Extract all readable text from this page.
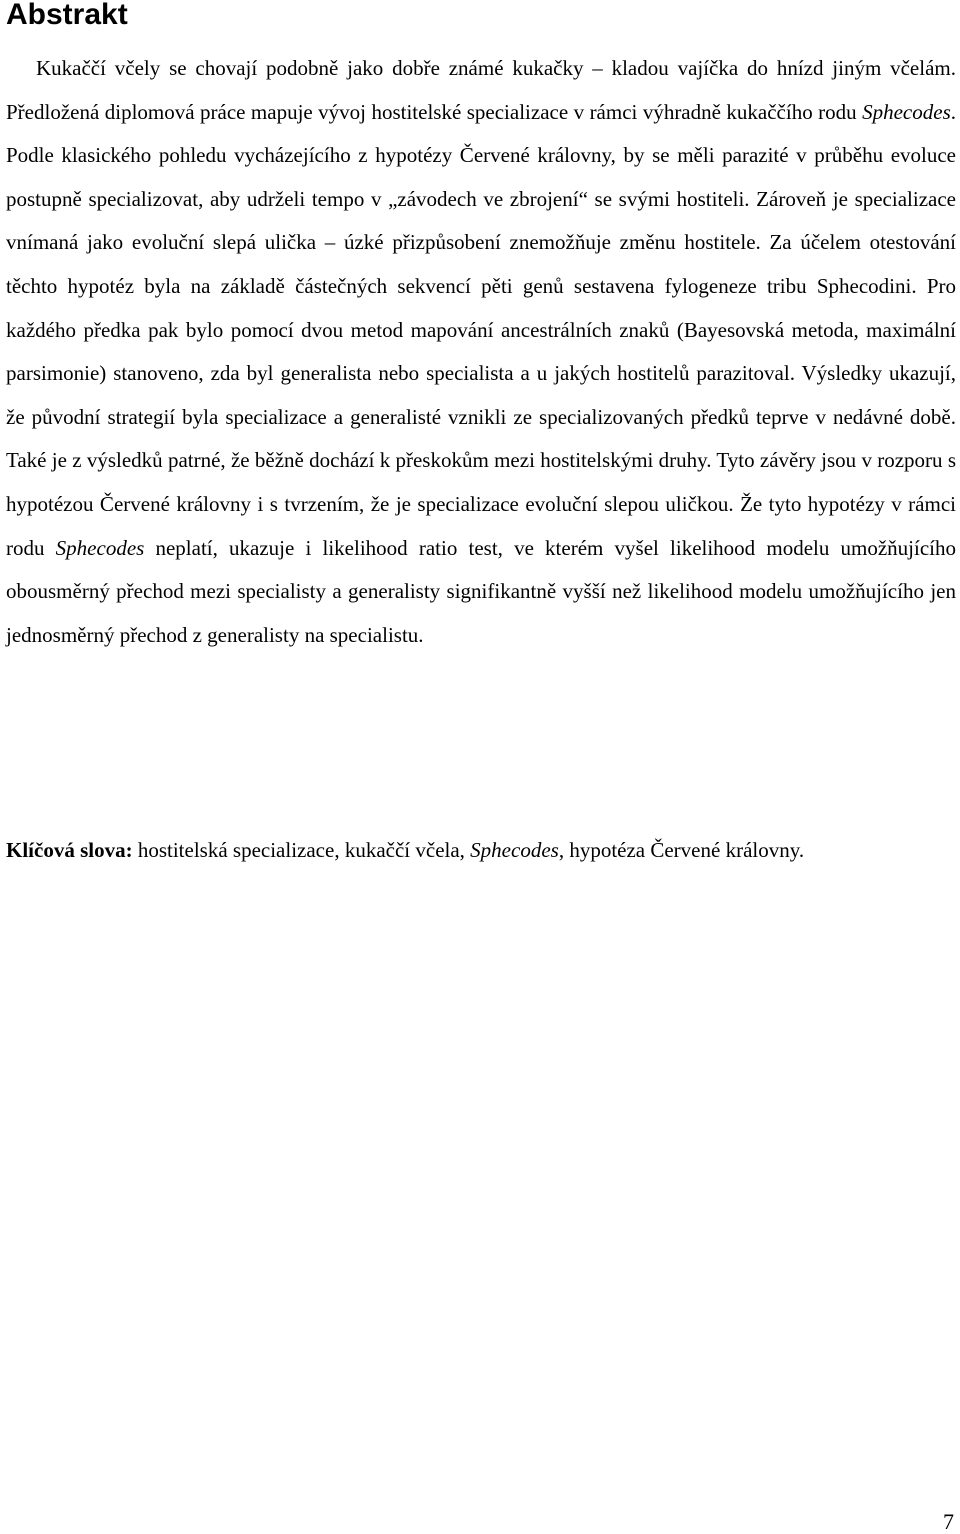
Abstrakt

Kukaččí včely se chovají podobně jako dobře známé kukačky – kladou vajíčka do hnízd jiným včelám. Předložená diplomová práce mapuje vývoj hostitelské specializace v rámci výhradně kukaččího rodu Sphecodes. Podle klasického pohledu vycházejícího z hypotézy Červené královny, by se měli parazité v průběhu evoluce postupně specializovat, aby udrželi tempo v „závodech ve zbrojení“ se svými hostiteli. Zároveň je specializace vnímaná jako evoluční slepá ulička – úzké přizpůsobení znemožňuje změnu hostitele. Za účelem otestování těchto hypotéz byla na základě částečných sekvencí pěti genů sestavena fylogeneze tribu Sphecodini. Pro každého předka pak bylo pomocí dvou metod mapování ancestrálních znaků (Bayesovská metoda, maximální parsimonie) stanoveno, zda byl generalista nebo specialista a u jakých hostitelů parazitoval. Výsledky ukazují, že původní strategií byla specializace a generalisté vznikli ze specializovaných předků teprve v nedávné době. Také je z výsledků patrné, že běžně dochází k přeskokům mezi hostitelskými druhy. Tyto závěry jsou v rozporu s hypotézou Červené královny i s tvrzením, že je specializace evoluční slepou uličkou. Že tyto hypotézy v rámci rodu Sphecodes neplatí, ukazuje i likelihood ratio test, ve kterém vyšel likelihood modelu umožňujícího obousměrný přechod mezi specialisty a generalisty signifikantně vyšší než likelihood modelu umožňujícího jen jednosměrný přechod z generalisty na specialistu.

Klíčová slova: hostitelská specializace, kukaččí včela, Sphecodes, hypotéza Červené královny.

7
